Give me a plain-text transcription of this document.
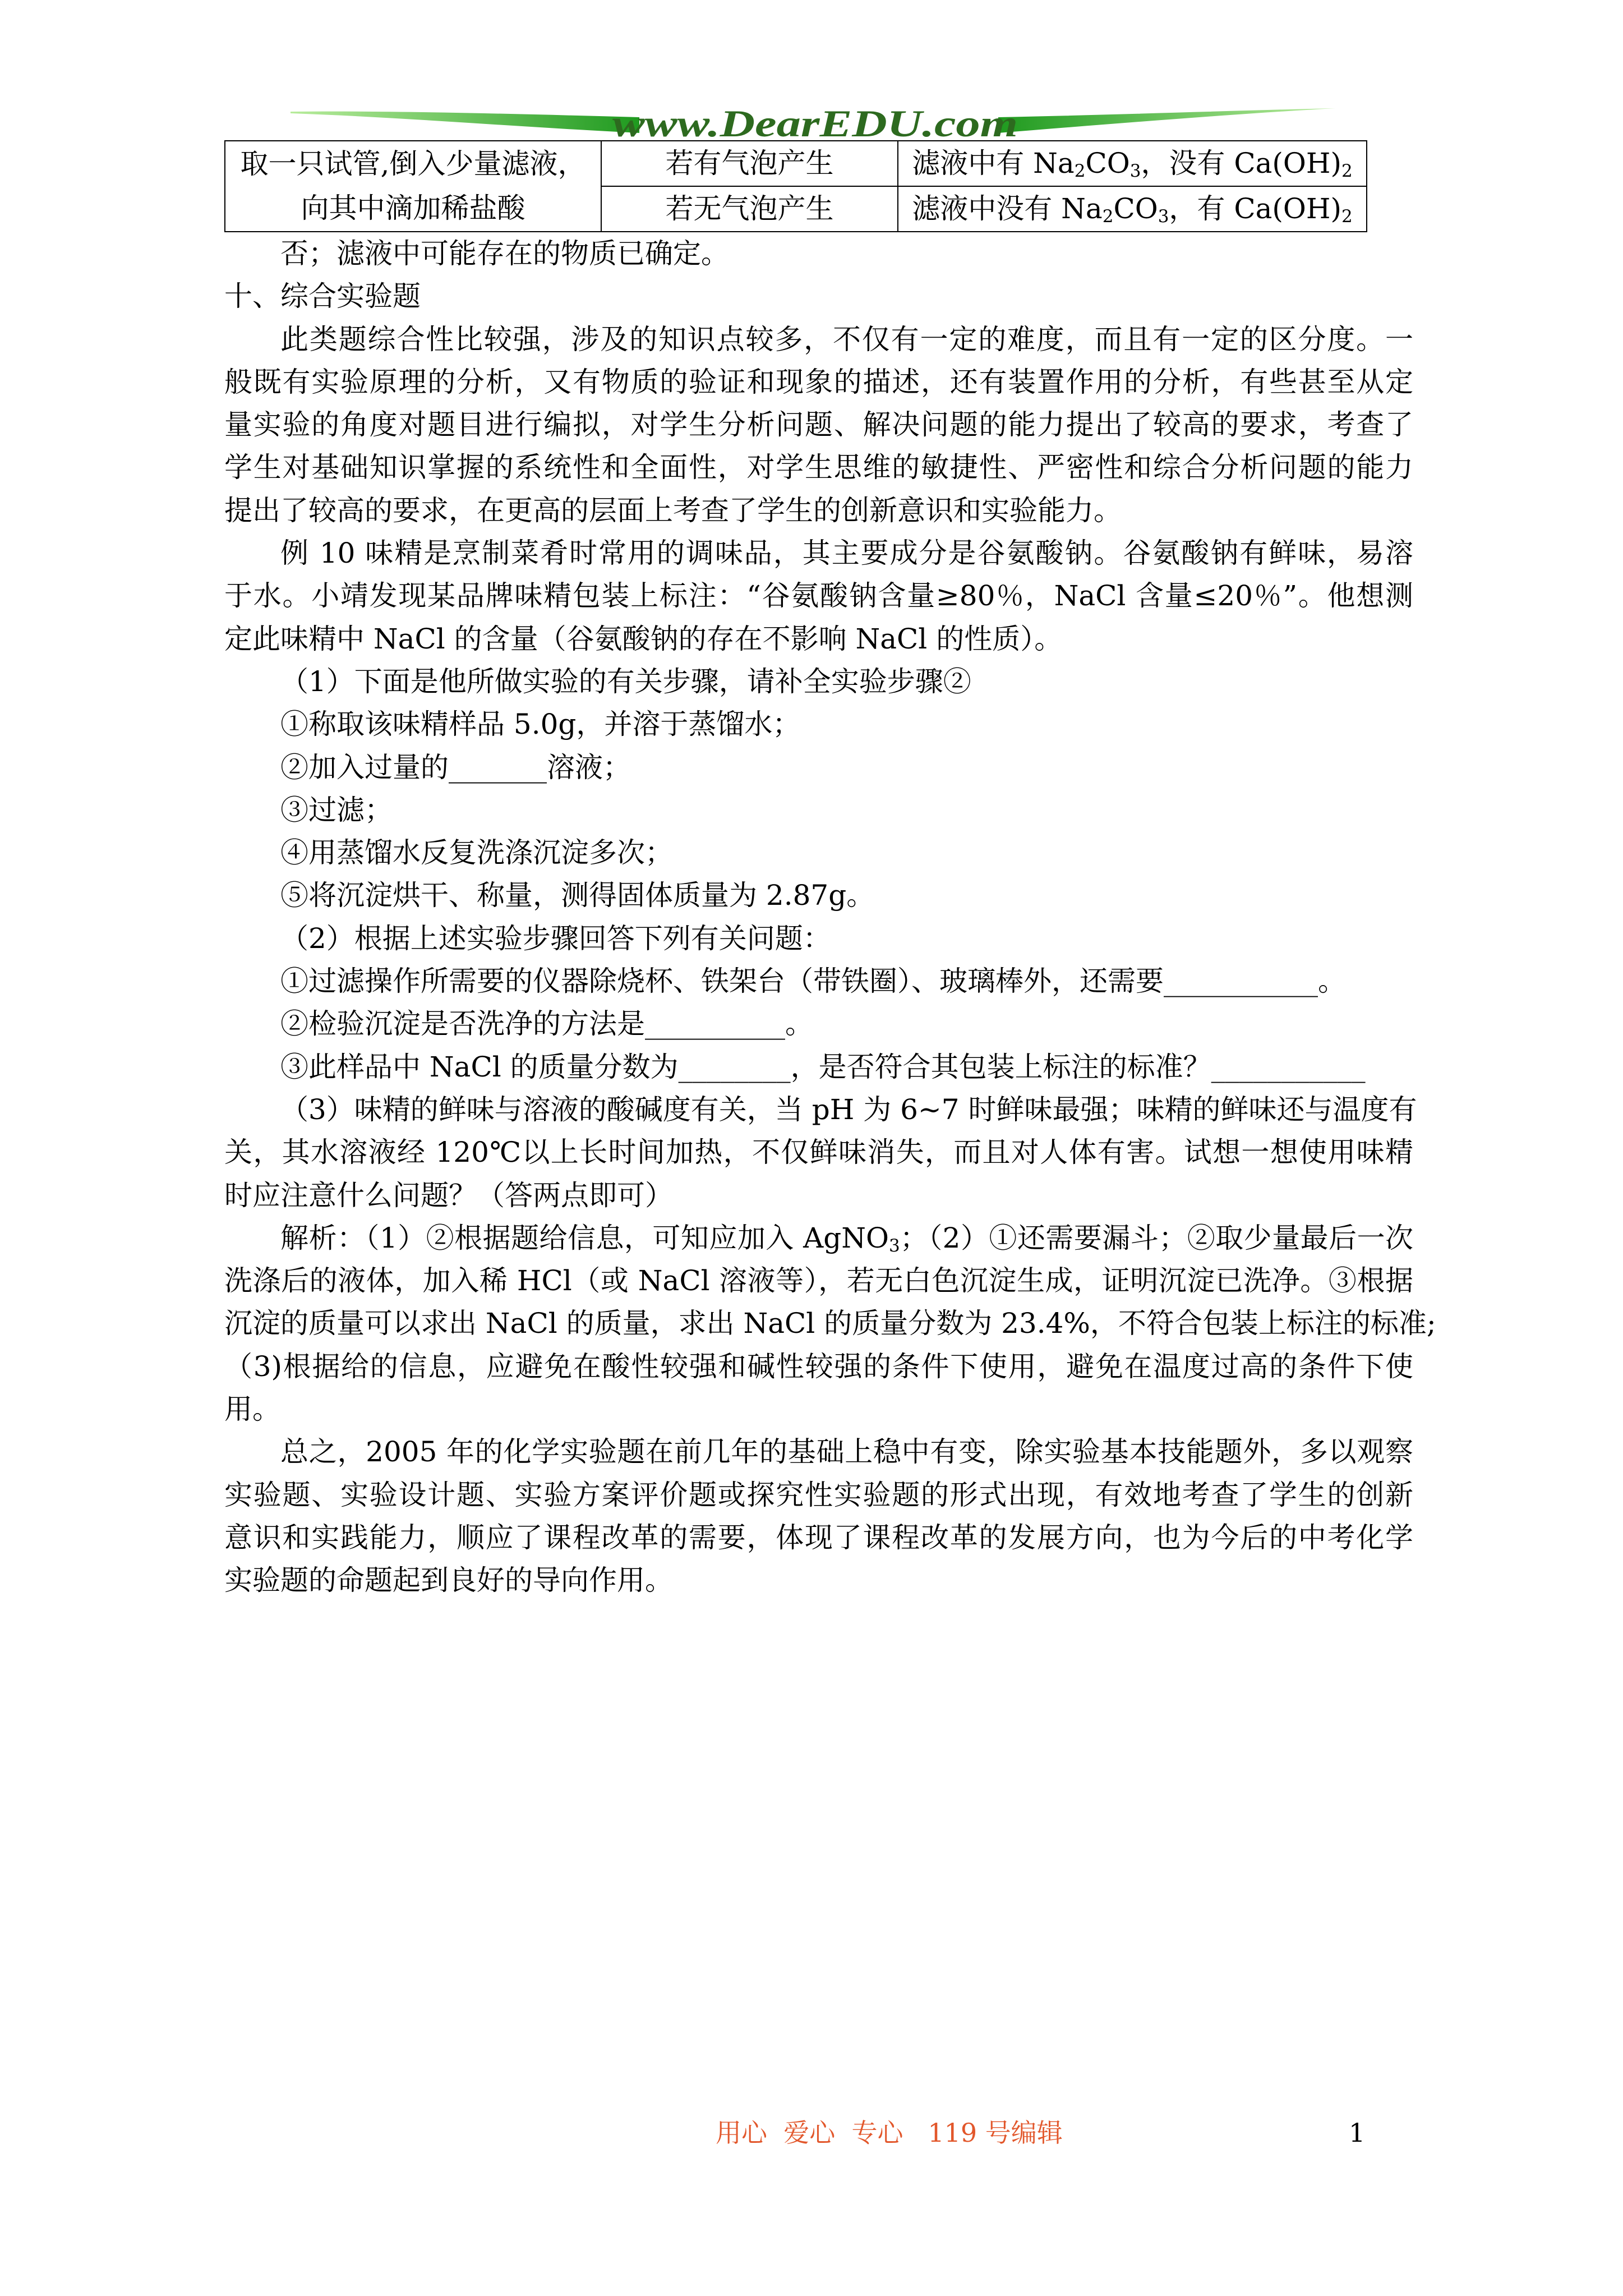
www.DearEDU.com
取一只试管,倒入少量滤液，
向其中滴加稀盐酸	若有气泡产生	滤液中有 $Na_2CO_3$，没有 $Ca(OH)_2$
	若无气泡产生	滤液中没有 $Na_2CO_3$，有 $Ca(OH)_2$
否；滤液中可能存在的物质已确定。
十、综合实验题
此类题综合性比较强，涉及的知识点较多，不仅有一定的难度，而且有一定的区分度。一
般既有实验原理的分析，又有物质的验证和现象的描述，还有装置作用的分析，有些甚至从定
量实验的角度对题目进行编拟，对学生分析问题、解决问题的能力提出了较高的要求，考查了
学生对基础知识掌握的系统性和全面性，对学生思维的敏捷性、严密性和综合分析问题的能力
提出了较高的要求，在更高的层面上考查了学生的创新意识和实验能力。
例 10 味精是烹制菜肴时常用的调味品，其主要成分是谷氨酸钠。谷氨酸钠有鲜味，易溶
于水。小靖发现某品牌味精包装上标注：“谷氨酸钠含量≥80％，NaCl 含量≤20％”。他想测
定此味精中 NaCl 的含量（谷氨酸钠的存在不影响 NaCl 的性质）。
（1）下面是他所做实验的有关步骤，请补全实验步骤②
①称取该味精样品 5.0g，并溶于蒸馏水；
②加入过量的_______溶液；
③过滤；
④用蒸馏水反复洗涤沉淀多次；
⑤将沉淀烘干、称量，测得固体质量为 2.87g。
（2）根据上述实验步骤回答下列有关问题：
①过滤操作所需要的仪器除烧杯、铁架台（带铁圈）、玻璃棒外，还需要___________。
②检验沉淀是否洗净的方法是__________。
③此样品中 NaCl 的质量分数为________，是否符合其包装上标注的标准？___________
（3）味精的鲜味与溶液的酸碱度有关，当 pH 为 6~7 时鲜味最强；味精的鲜味还与温度有
关，其水溶液经 120℃以上长时间加热，不仅鲜味消失，而且对人体有害。试想一想使用味精
时应注意什么问题？（答两点即可）
解析：（1）②根据题给信息，可知应加入 AgNO$_3$；（2）①还需要漏斗；②取少量最后一次
洗涤后的液体，加入稀 HCl（或 NaCl 溶液等），若无白色沉淀生成，证明沉淀已洗净。③根据
沉淀的质量可以求出 NaCl 的质量，求出 NaCl 的质量分数为 23.4%，不符合包装上标注的标准;
（3)根据给的信息，应避免在酸性较强和碱性较强的条件下使用，避免在温度过高的条件下使
用。
总之，2005 年的化学实验题在前几年的基础上稳中有变，除实验基本技能题外，多以观察
实验题、实验设计题、实验方案评价题或探究性实验题的形式出现，有效地考查了学生的创新
意识和实践能力，顺应了课程改革的需要，体现了课程改革的发展方向，也为今后的中考化学
实验题的命题起到良好的导向作用。
用心  爱心  专心   119 号编辑	1
